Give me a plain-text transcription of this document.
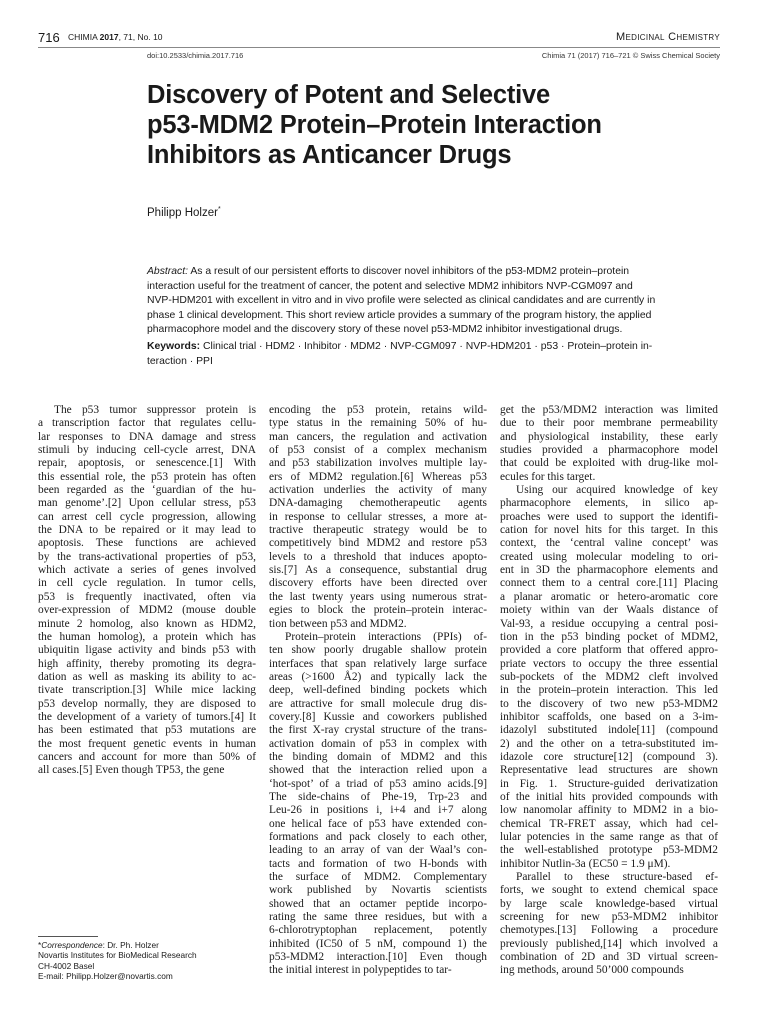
716 CHIMIA 2017, 71, No. 10	Medicinal Chemistry
doi:10.2533/chimia.2017.716	Chimia 71 (2017) 716–721 © Swiss Chemical Society
Discovery of Potent and Selective
p53-MDM2 Protein–Protein Interaction
Inhibitors as Anticancer Drugs
Philipp Holzer*
Abstract: As a result of our persistent efforts to discover novel inhibitors of the p53-MDM2 protein–protein
interaction useful for the treatment of cancer, the potent and selective MDM2 inhibitors NVP-CGM097 and
NVP-HDM201 with excellent in vitro and in vivo profile were selected as clinical candidates and are currently in
phase 1 clinical development. This short review article provides a summary of the program history, the applied
pharmacophore model and the discovery story of these novel p53-MDM2 inhibitor investigational drugs.
Keywords: Clinical trial · HDM2 · Inhibitor · MDM2 · NVP-CGM097 · NVP-HDM201 · p53 · Protein–protein in-
teraction · PPI
The p53 tumor suppressor protein is
a transcription factor that regulates cellu-
lar responses to DNA damage and stress
stimuli by inducing cell-cycle arrest, DNA
repair, apoptosis, or senescence.[1] With
this essential role, the p53 protein has often
been regarded as the ‘guardian of the hu-
man genome’.[2] Upon cellular stress, p53
can arrest cell cycle progression, allowing
the DNA to be repaired or it may lead to
apoptosis. These functions are achieved
by the trans-activational properties of p53,
which activate a series of genes involved
in cell cycle regulation. In tumor cells,
p53 is frequently inactivated, often via
over-expression of MDM2 (mouse double
minute 2 homolog, also known as HDM2,
the human homolog), a protein which has
ubiquitin ligase activity and binds p53 with
high affinity, thereby promoting its degra-
dation as well as masking its ability to ac-
tivate transcription.[3] While mice lacking
p53 develop normally, they are disposed to
the development of a variety of tumors.[4] It
has been estimated that p53 mutations are
the most frequent genetic events in human
cancers and account for more than 50% of
all cases.[5] Even though TP53, the gene
encoding the p53 protein, retains wild-
type status in the remaining 50% of hu-
man cancers, the regulation and activation
of p53 consist of a complex mechanism
and p53 stabilization involves multiple lay-
ers of MDM2 regulation.[6] Whereas p53
activation underlies the activity of many
DNA-damaging chemotherapeutic agents
in response to cellular stresses, a more at-
tractive therapeutic strategy would be to
competitively bind MDM2 and restore p53
levels to a threshold that induces apopto-
sis.[7] As a consequence, substantial drug
discovery efforts have been directed over
the last twenty years using numerous strat-
egies to block the protein–protein interac-
tion between p53 and MDM2.
Protein–protein interactions (PPIs) of-
ten show poorly drugable shallow protein
interfaces that span relatively large surface
areas (>1600 Å2) and typically lack the
deep, well-defined binding pockets which
are attractive for small molecule drug dis-
covery.[8] Kussie and coworkers published
the first X-ray crystal structure of the trans-
activation domain of p53 in complex with
the binding domain of MDM2 and this
showed that the interaction relied upon a
‘hot-spot’ of a triad of p53 amino acids.[9]
The side-chains of Phe-19, Trp-23 and
Leu-26 in positions i, i+4 and i+7 along
one helical face of p53 have extended con-
formations and pack closely to each other,
leading to an array of van der Waal’s con-
tacts and formation of two H-bonds with
the surface of MDM2. Complementary
work published by Novartis scientists
showed that an octamer peptide incorpo-
rating the same three residues, but with a
6-chlorotryptophan replacement, potently
inhibited (IC50 of 5 nM, compound 1) the
p53-MDM2 interaction.[10] Even though
the initial interest in polypeptides to tar-
get the p53/MDM2 interaction was limited
due to their poor membrane permeability
and physiological instability, these early
studies provided a pharmacophore model
that could be exploited with drug-like mol-
ecules for this target.
Using our acquired knowledge of key
pharmacophore elements, in silico ap-
proaches were used to support the identifi-
cation for novel hits for this target. In this
context, the ‘central valine concept’ was
created using molecular modeling to ori-
ent in 3D the pharmacophore elements and
connect them to a central core.[11] Placing
a planar aromatic or hetero-aromatic core
moiety within van der Waals distance of
Val-93, a residue occupying a central posi-
tion in the p53 binding pocket of MDM2,
provided a core platform that offered appro-
priate vectors to occupy the three essential
sub-pockets of the MDM2 cleft involved
in the protein–protein interaction. This led
to the discovery of two new p53-MDM2
inhibitor scaffolds, one based on a 3-im-
idazolyl substituted indole[11] (compound
2) and the other on a tetra-substituted im-
idazole core structure[12] (compound 3).
Representative lead structures are shown
in Fig. 1. Structure-guided derivatization
of the initial hits provided compounds with
low nanomolar affinity to MDM2 in a bio-
chemical TR-FRET assay, which had cel-
lular potencies in the same range as that of
the well-established prototype p53-MDM2
inhibitor Nutlin-3a (EC50 = 1.9 μM).
Parallel to these structure-based ef-
forts, we sought to extend chemical space
by large scale knowledge-based virtual
screening for new p53-MDM2 inhibitor
chemotypes.[13] Following a procedure
previously published,[14] which involved a
combination of 2D and 3D virtual screen-
ing methods, around 50’000 compounds
*Correspondence: Dr. Ph. Holzer
Novartis Institutes for BioMedical Research
CH-4002 Basel
E-mail: Philipp.Holzer@novartis.com
